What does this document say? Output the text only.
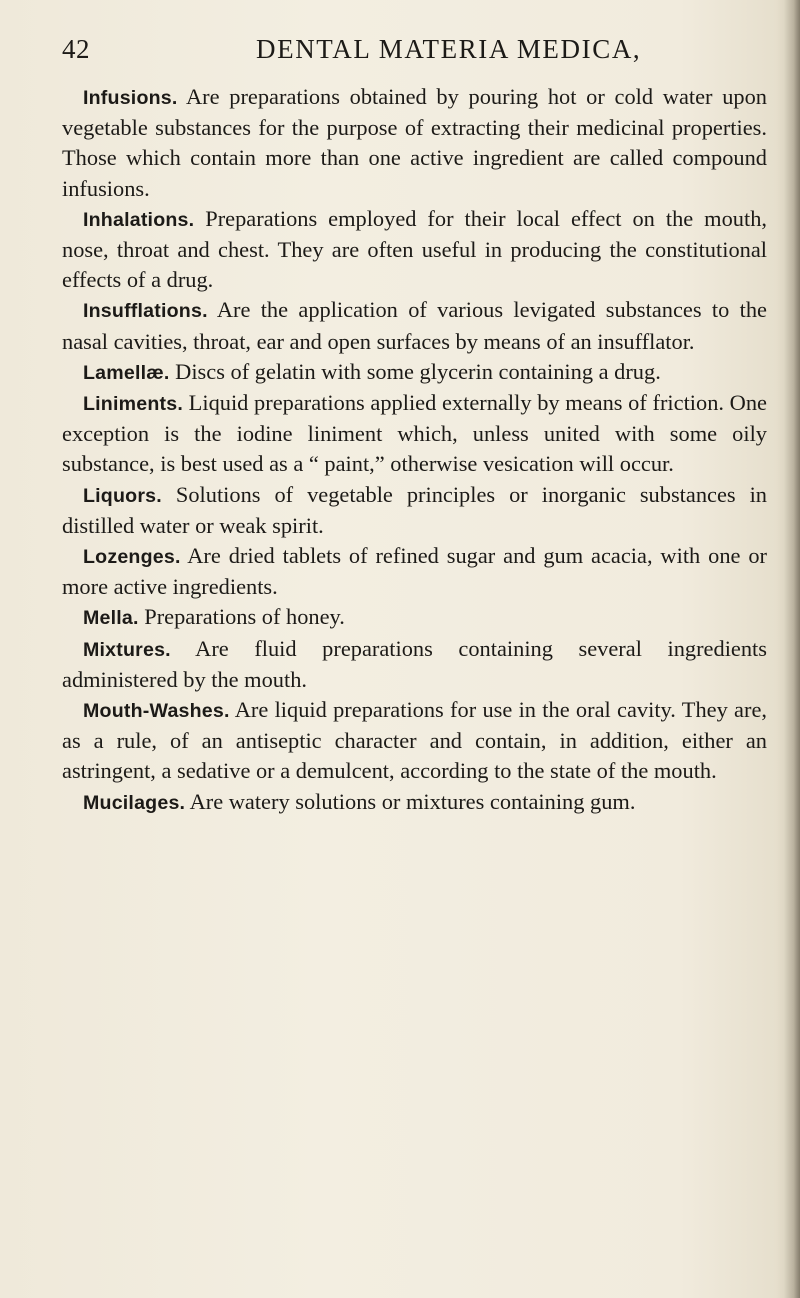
42	DENTAL MATERIA MEDICA,

Infusions. Are preparations obtained by pouring hot or cold water upon vegetable substances for the purpose of extracting their medicinal properties. Those which contain more than one active ingredient are called compound infusions.

Inhalations. Preparations employed for their local effect on the mouth, nose, throat and chest. They are often useful in producing the constitutional effects of a drug.

Insufflations. Are the application of various levigated substances to the nasal cavities, throat, ear and open surfaces by means of an insufflator.

Lamellæ. Discs of gelatin with some glycerin containing a drug.

Liniments. Liquid preparations applied externally by means of friction. One exception is the iodine liniment which, unless united with some oily substance, is best used as a “ paint,” otherwise vesication will occur.

Liquors. Solutions of vegetable principles or inorganic substances in distilled water or weak spirit.

Lozenges. Are dried tablets of refined sugar and gum acacia, with one or more active ingredients.

Mella. Preparations of honey.

Mixtures. Are fluid preparations containing several ingredients administered by the mouth.

Mouth-Washes. Are liquid preparations for use in the oral cavity. They are, as a rule, of an antiseptic character and contain, in addition, either an astringent, a sedative or a demulcent, according to the state of the mouth.

Mucilages. Are watery solutions or mixtures containing gum.
